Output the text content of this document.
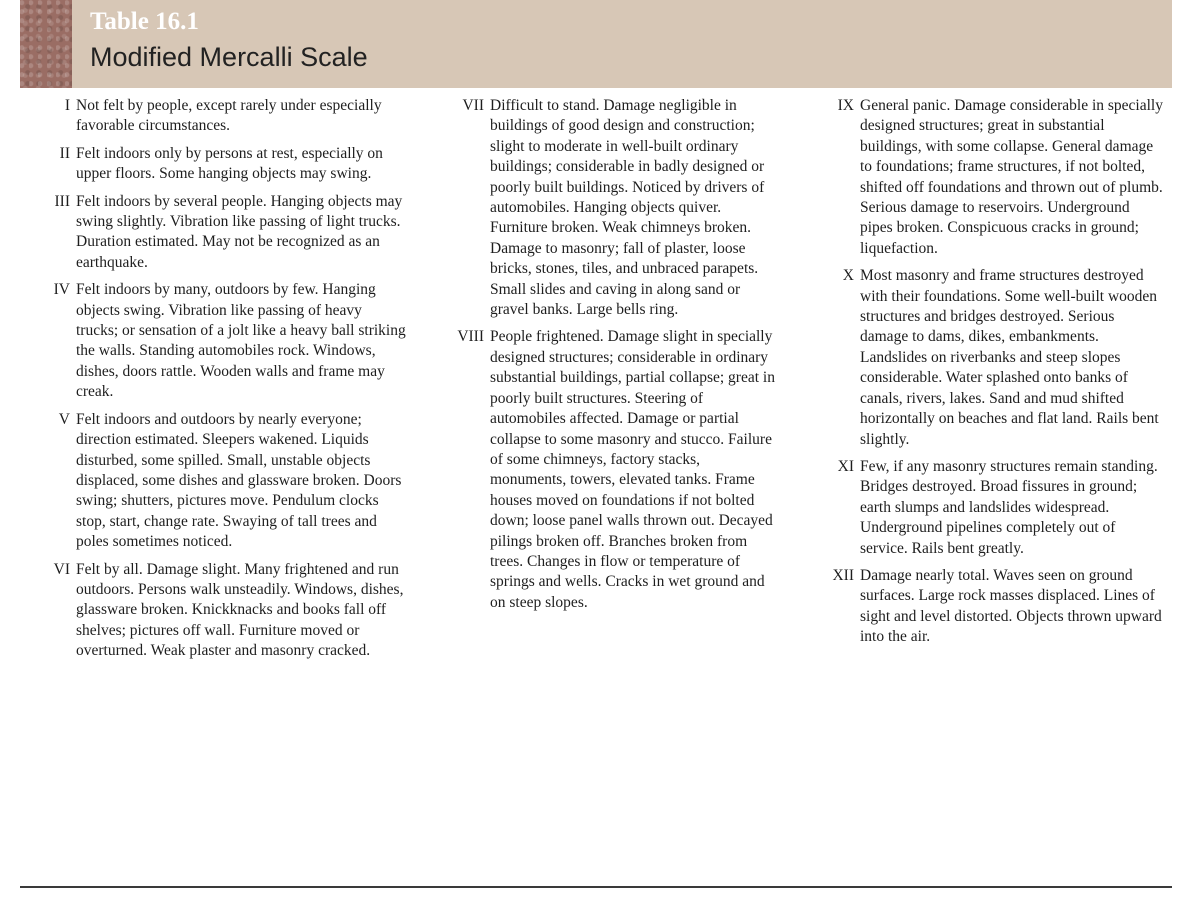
Table 16.1
Modified Mercalli Scale
I Not felt by people, except rarely under especially favorable circumstances.
II Felt indoors only by persons at rest, especially on upper floors. Some hanging objects may swing.
III Felt indoors by several people. Hanging objects may swing slightly. Vibration like passing of light trucks. Duration estimated. May not be recognized as an earthquake.
IV Felt indoors by many, outdoors by few. Hanging objects swing. Vibration like passing of heavy trucks; or sensation of a jolt like a heavy ball striking the walls. Standing automobiles rock. Windows, dishes, doors rattle. Wooden walls and frame may creak.
V Felt indoors and outdoors by nearly everyone; direction estimated. Sleepers wakened. Liquids disturbed, some spilled. Small, unstable objects displaced, some dishes and glassware broken. Doors swing; shutters, pictures move. Pendulum clocks stop, start, change rate. Swaying of tall trees and poles sometimes noticed.
VI Felt by all. Damage slight. Many frightened and run outdoors. Persons walk unsteadily. Windows, dishes, glassware broken. Knickknacks and books fall off shelves; pictures off wall. Furniture moved or overturned. Weak plaster and masonry cracked.
VII Difficult to stand. Damage negligible in buildings of good design and construction; slight to moderate in well-built ordinary buildings; considerable in badly designed or poorly built buildings. Noticed by drivers of automobiles. Hanging objects quiver. Furniture broken. Weak chimneys broken. Damage to masonry; fall of plaster, loose bricks, stones, tiles, and unbraced parapets. Small slides and caving in along sand or gravel banks. Large bells ring.
VIII People frightened. Damage slight in specially designed structures; considerable in ordinary substantial buildings, partial collapse; great in poorly built structures. Steering of automobiles affected. Damage or partial collapse to some masonry and stucco. Failure of some chimneys, factory stacks, monuments, towers, elevated tanks. Frame houses moved on foundations if not bolted down; loose panel walls thrown out. Decayed pilings broken off. Branches broken from trees. Changes in flow or temperature of springs and wells. Cracks in wet ground and on steep slopes.
IX General panic. Damage considerable in specially designed structures; great in substantial buildings, with some collapse. General damage to foundations; frame structures, if not bolted, shifted off foundations and thrown out of plumb. Serious damage to reservoirs. Underground pipes broken. Conspicuous cracks in ground; liquefaction.
X Most masonry and frame structures destroyed with their foundations. Some well-built wooden structures and bridges destroyed. Serious damage to dams, dikes, embankments. Landslides on riverbanks and steep slopes considerable. Water splashed onto banks of canals, rivers, lakes. Sand and mud shifted horizontally on beaches and flat land. Rails bent slightly.
XI Few, if any masonry structures remain standing. Bridges destroyed. Broad fissures in ground; earth slumps and landslides widespread. Underground pipelines completely out of service. Rails bent greatly.
XII Damage nearly total. Waves seen on ground surfaces. Large rock masses displaced. Lines of sight and level distorted. Objects thrown upward into the air.
